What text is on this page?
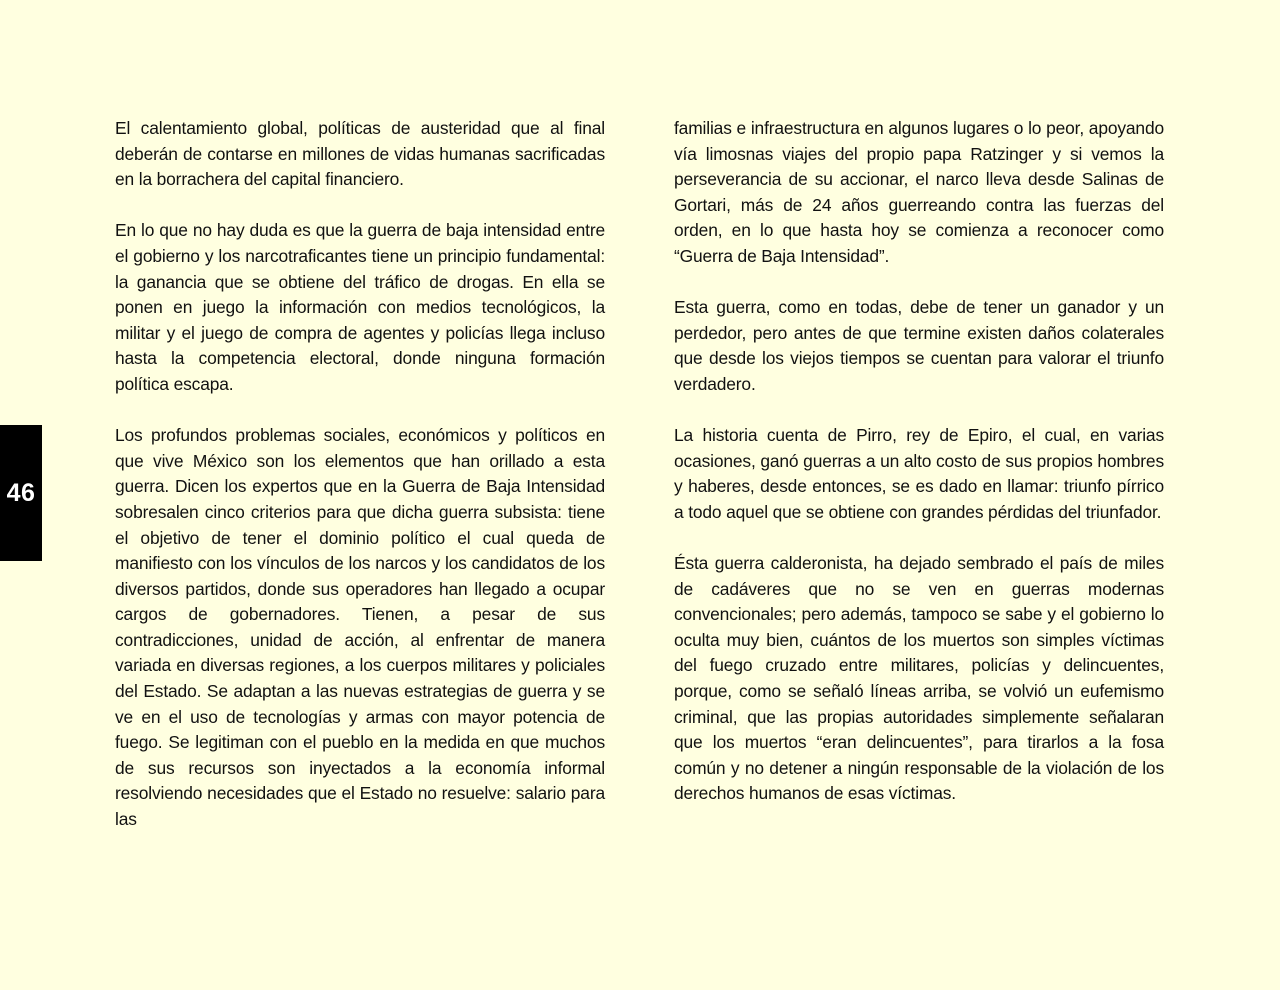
46

El calentamiento global, políticas de austeridad que al final deberán de contarse en millones de vidas humanas sacrificadas en la borrachera del capital financiero.

En lo que no hay duda es que la guerra de baja intensidad entre el gobierno y los narcotraficantes tiene un principio fundamental: la ganancia que se obtiene del tráfico de drogas. En ella se ponen en juego la información con medios tecnológicos, la militar y el juego de compra de agentes y policías llega incluso hasta la competencia electoral, donde ninguna formación política escapa.

Los profundos problemas sociales, económicos y políticos en que vive México son los elementos que han orillado a esta guerra. Dicen los expertos que en la Guerra de Baja Intensidad sobresalen cinco criterios para que dicha guerra subsista: tiene el objetivo de tener el dominio político el cual queda de manifiesto con los vínculos de los narcos y los candidatos de los diversos partidos, donde sus operadores han llegado a ocupar cargos de gobernadores. Tienen, a pesar de sus contradicciones, unidad de acción, al enfrentar de manera variada en diversas regiones, a los cuerpos militares y policiales del Estado. Se adaptan a las nuevas estrategias de guerra y se ve en el uso de tecnologías y armas con mayor potencia de fuego. Se legitiman con el pueblo en la medida en que muchos de sus recursos son inyectados a la economía informal resolviendo necesidades que el Estado no resuelve: salario para las

familias e infraestructura en algunos lugares o lo peor, apoyando vía limosnas viajes del propio papa Ratzinger y si vemos la perseverancia de su accionar, el narco lleva desde Salinas de Gortari, más de 24 años guerreando contra las fuerzas del orden, en lo que hasta hoy se comienza a reconocer como “Guerra de Baja Intensidad”.

Esta guerra, como en todas, debe de tener un ganador y un perdedor, pero antes de que termine existen daños colaterales que desde los viejos tiempos se cuentan para valorar el triunfo verdadero.

La historia cuenta de Pirro, rey de Epiro, el cual, en varias ocasiones, ganó guerras a un alto costo de sus propios hombres y haberes, desde entonces, se es dado en llamar: triunfo pírrico a todo aquel que se obtiene con grandes pérdidas del triunfador.

Ésta guerra calderonista, ha dejado sembrado el país de miles de cadáveres que no se ven en guerras modernas convencionales; pero además, tampoco se sabe y el gobierno lo oculta muy bien, cuántos de los muertos son simples víctimas del fuego cruzado entre militares, policías y delincuentes, porque, como se señaló líneas arriba, se volvió un eufemismo criminal, que las propias autoridades simplemente señalaran que los muertos “eran delincuentes”, para tirarlos a la fosa común y no detener a ningún responsable de la violación de los derechos humanos de esas víctimas.
